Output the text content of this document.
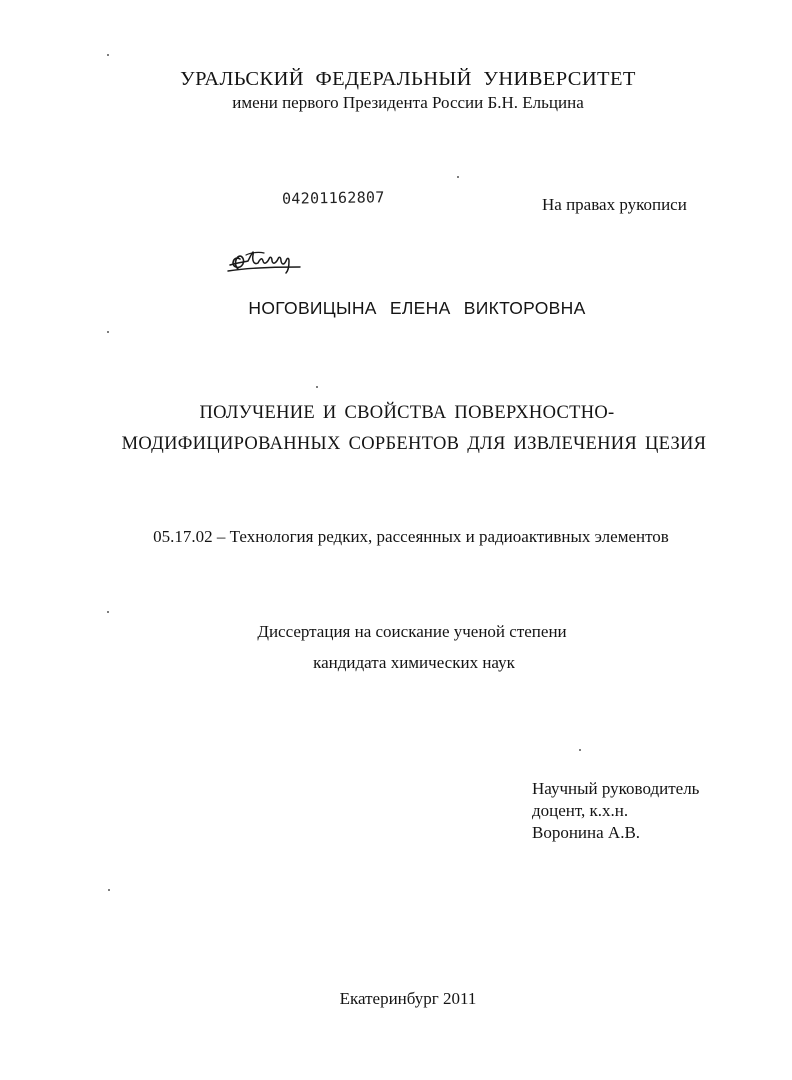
УРАЛЬСКИЙ ФЕДЕРАЛЬНЫЙ УНИВЕРСИТЕТ
имени первого Президента России Б.Н. Ельцина
04201162807	На правах рукописи
НОГОВИЦЫНА ЕЛЕНА ВИКТОРОВНА
ПОЛУЧЕНИЕ И СВОЙСТВА ПОВЕРХНОСТНО-
МОДИФИЦИРОВАННЫХ СОРБЕНТОВ ДЛЯ ИЗВЛЕЧЕНИЯ ЦЕЗИЯ
05.17.02 – Технология редких, рассеянных и радиоактивных элементов
Диссертация на соискание ученой степени
кандидата химических наук
Научный руководитель
доцент, к.х.н.
Воронина А.В.
Екатеринбург 2011
